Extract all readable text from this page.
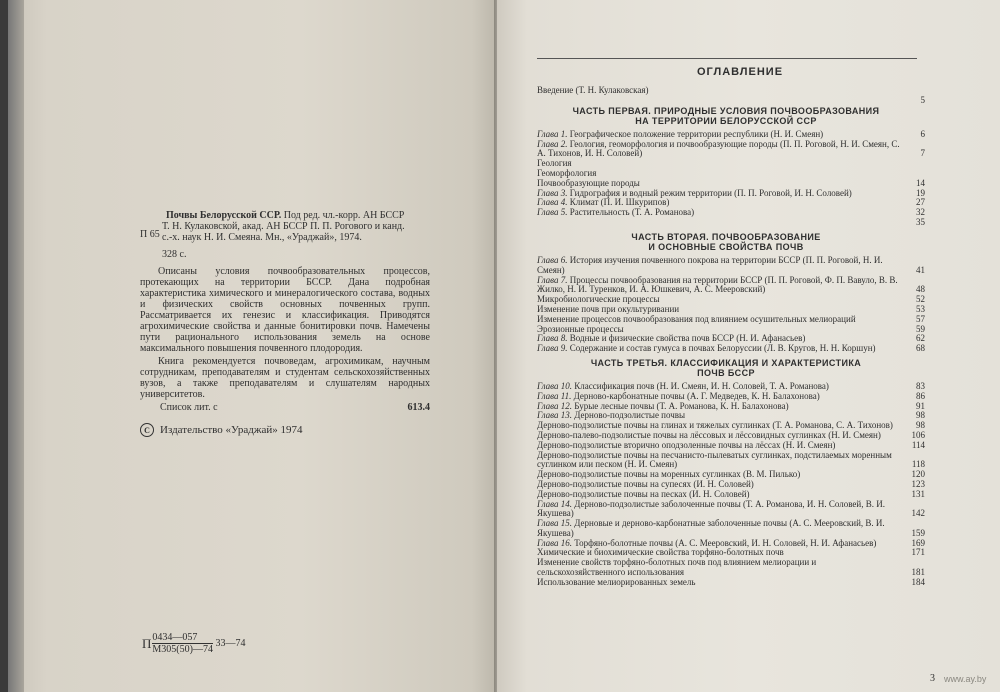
П 65

Почвы Белорусской ССР. Под ред. чл.-корр. АН БССР

Т. Н. Кулаковской, акад. АН БССР П. П. Рогового и канд.

с.-х. наук Н. И. Смеяна. Мн., «Ураджай», 1974.

328 с.

Описаны условия почвообразовательных процессов, протекающих на территории БССР. Дана подробная характеристика химического и минералогического состава, водных и физических свойств основных почвенных групп. Рассматривается их генезис и классификация. Приводятся агрохимические свойства и данные бонитировки почв. Намечены пути рационального использования земель на основе максимального повышения почвенного плодородия.

Книга рекомендуется почвоведам, агрохимикам, научным сотрудникам, преподавателям и студентам сельскохозяйственных вузов, а также преподавателям и слушателям народных университетов.

Список лит. с	613.4
C Издательство «Ураджай» 1974
П $\frac{0434—057}{М305(50)—74}$ 33—74
ОГЛАВЛЕНИЕ
Введение (Т. Н. Кулаковская)
5
ЧАСТЬ ПЕРВАЯ. ПРИРОДНЫЕ УСЛОВИЯ ПОЧВООБРАЗОВАНИЯ
НА ТЕРРИТОРИИ БЕЛОРУССКОЙ ССР
Глава 1. Географическое положение территории республики (Н. И. Смеян)	6
Глава 2. Геология, геоморфология и почвообразующие породы (П. П. Роговой, Н. И. Смеян, С. А. Тихонов, И. Н. Соловей)	7
Геология
Геоморфология
Почвообразующие породы	14
Глава 3. Гидрография и водный режим территории (П. П. Роговой, И. Н. Соловей)	19
Глава 4. Климат (П. И. Шкурипов)	27
Глава 5. Растительность (Т. А. Романова)	32
35
ЧАСТЬ ВТОРАЯ. ПОЧВООБРАЗОВАНИЕ
И ОСНОВНЫЕ СВОЙСТВА ПОЧВ
Глава 6. История изучения почвенного покрова на территории БССР (П. П. Роговой, Н. И. Смеян)	41
Глава 7. Процессы почвообразования на территории БССР (П. П. Роговой, Ф. П. Вавуло, В. В. Жилко, Н. И. Туренков, И. А. Юшкевич, А. С. Мееровский)	48
Микробиологические процессы	52
Изменение почв при окультуривании	53
Изменение процессов почвообразования под влиянием осушительных мелиораций	57
Эрозионные процессы	59
Глава 8. Водные и физические свойства почв БССР (Н. И. Афанасьев)	62
Глава 9. Содержание и состав гумуса в почвах Белоруссии (Л. В. Кругов, Н. Н. Коршун)	68
ЧАСТЬ ТРЕТЬЯ. КЛАССИФИКАЦИЯ И ХАРАКТЕРИСТИКА
ПОЧВ БССР
Глава 10. Классификация почв (Н. И. Смеян, И. Н. Соловей, Т. А. Романова)	83
Глава 11. Дерново-карбонатные почвы (А. Г. Медведев, К. Н. Балахонова)	86
Глава 12. Бурые лесные почвы (Т. А. Романова, К. Н. Балахонова)	91
Глава 13. Дерново-подзолистые почвы	98
Дерново-подзолистые почвы на глинах и тяжелых суглинках (Т. А. Романова, С. А. Тихонов)	98
Дерново-палево-подзолистые почвы на лёссовых и лёссовидных суглинках (Н. И. Смеян)	106
Дерново-подзолистые вторично оподзоленные почвы на лёссах (Н. И. Смеян)	114
Дерново-подзолистые почвы на песчанисто-пылеватых суглинках, подстилаемых моренным суглинком или песком (Н. И. Смеян)	118
Дерново-подзолистые почвы на моренных суглинках (В. М. Пилько)	120
Дерново-подзолистые почвы на супесях (И. Н. Соловей)	123
Дерново-подзолистые почвы на песках (И. Н. Соловей)	131
Глава 14. Дерново-подзолистые заболоченные почвы (Т. А. Романова, И. Н. Соловей, В. И. Якушева)	142
Глава 15. Дерновые и дерново-карбонатные заболоченные почвы (А. С. Мееровский, В. И. Якушева)	159
Глава 16. Торфяно-болотные почвы (А. С. Мееровский, И. Н. Соловей, Н. И. Афанасьев)	169
Химические и биохимические свойства торфяно-болотных почв	171
Изменение свойств торфяно-болотных почв под влиянием мелиорации и сельскохозяйственного использования	181
Использование мелиорированных земель	184
3 www.ay.by
